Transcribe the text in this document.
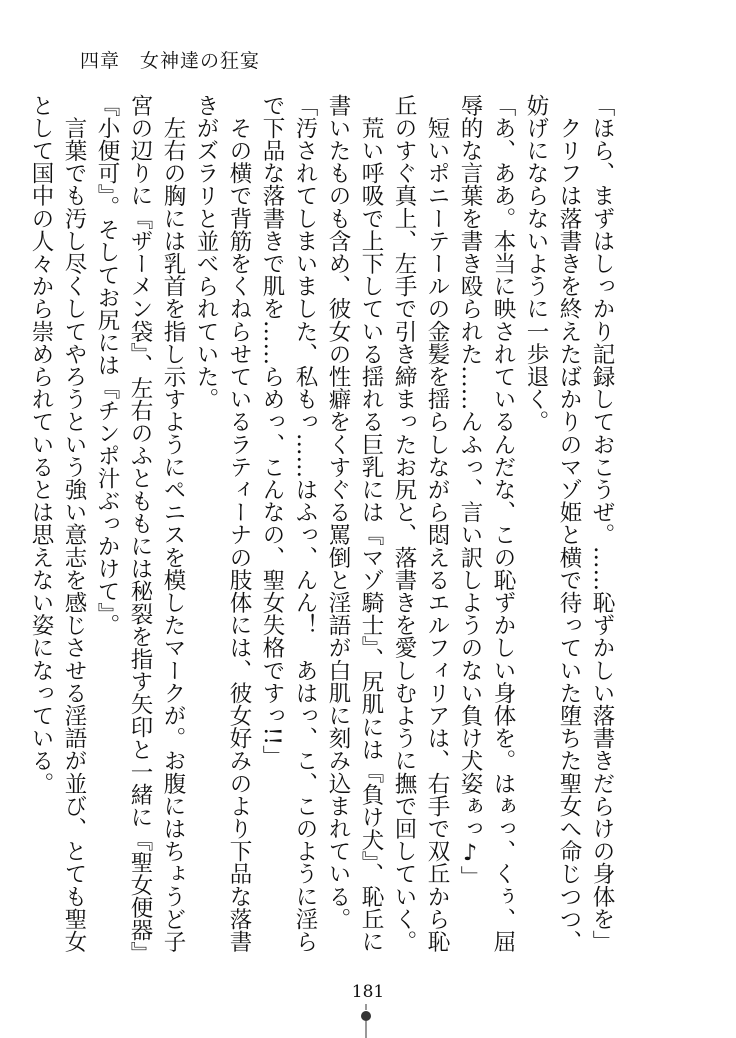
四章　女神達の狂宴

「ほら、まずはしっかり記録しておこうぜ。……恥ずかしい落書きだらけの身体を」

　クリフは落書きを終えたばかりのマゾ姫と横で待っていた堕ちた聖女へ命じつつ、妨げにならないように一歩退く。

「あ、ああ。本当に映されているんだな、この恥ずかしい身体を。はぁっ、くぅ、屈辱的な言葉を書き殴られた……んふっ、言い訳しようのない負け犬姿ぁっ♪」

　短いポニーテールの金髪を揺らしながら悶えるエルフィリアは、右手で双丘から恥丘のすぐ真上、左手で引き締まったお尻と、落書きを愛しむように撫で回していく。

　荒い呼吸で上下している揺れる巨乳には『マゾ騎士』、尻肌には『負け犬』、恥丘に書いたものも含め、彼女の性癖をくすぐる罵倒と淫語が白肌に刻み込まれている。

「汚されてしまいました、私もっ……はふっ、んん！　あはっ、こ、このように淫らで下品な落書きで肌を……らめっ、こんなの、聖女失格ですっ!!」

　その横で背筋をくねらせているラティーナの肢体には、彼女好みのより下品な落書きがズラリと並べられていた。

　左右の胸には乳首を指し示すようにペニスを模したマークが。お腹にはちょうど子宮の辺りに『ザーメン袋』、左右のふとももには秘裂を指す矢印と一緒に『聖女便器』『小便可』。そしてお尻には『チンポ汁ぶっかけて』。

　言葉でも汚し尽くしてやろうという強い意志を感じさせる淫語が並び、とても聖女として国中の人々から崇められているとは思えない姿になっている。

181
